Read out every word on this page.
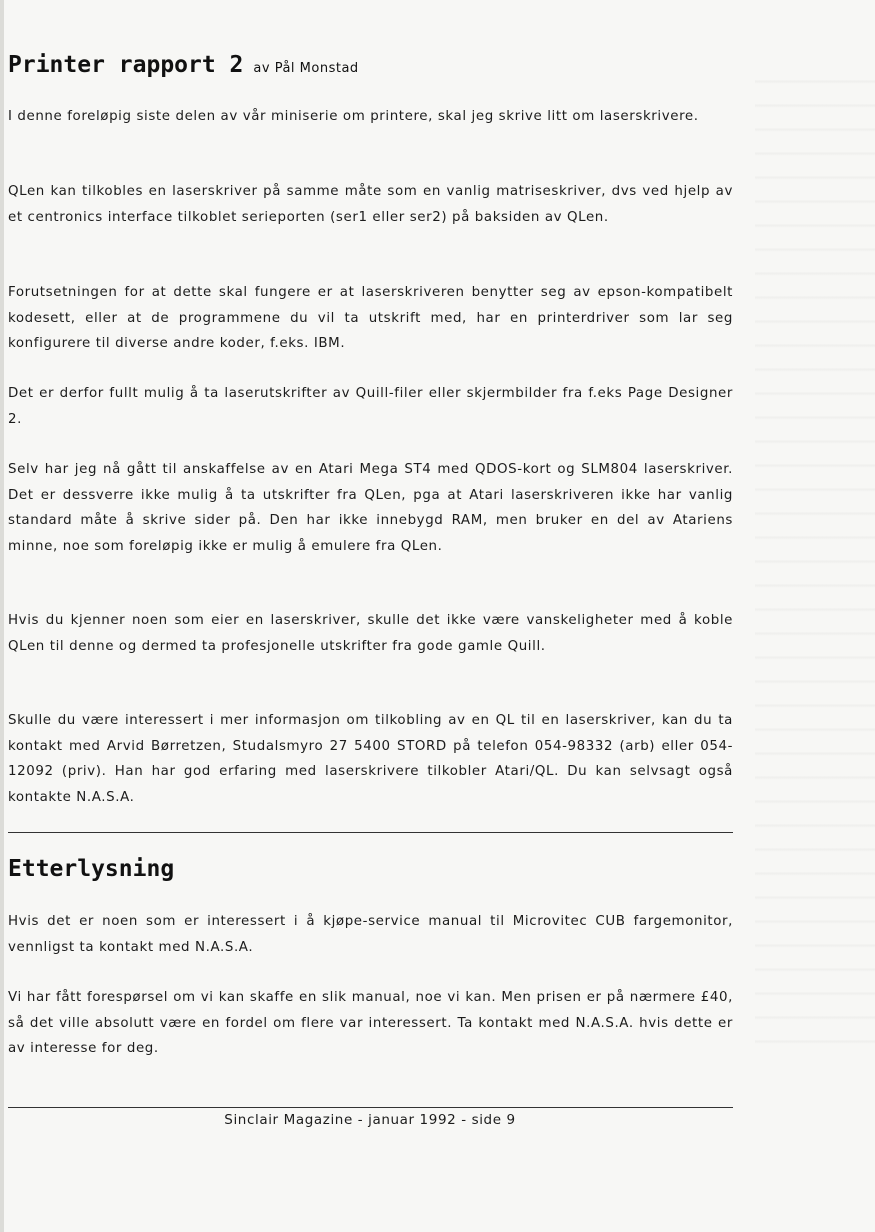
Printer rapport 2 av Pål Monstad
I denne foreløpig siste delen av vår miniserie om printere, skal jeg skrive litt om laserskrivere.
QLen kan tilkobles en laserskriver på samme måte som en vanlig matriseskriver, dvs ved hjelp av et centronics interface tilkoblet serieporten (ser1 eller ser2) på baksiden av QLen.
Forutsetningen for at dette skal fungere er at laserskriveren benytter seg av epson-kompatibelt kodesett, eller at de programmene du vil ta utskrift med, har en printerdriver som lar seg konfigurere til diverse andre koder, f.eks. IBM.
Det er derfor fullt mulig å ta laserutskrifter av Quill-filer eller skjermbilder fra f.eks Page Designer 2.
Selv har jeg nå gått til anskaffelse av en Atari Mega ST4 med QDOS-kort og SLM804 laserskriver. Det er dessverre ikke mulig å ta utskrifter fra QLen, pga at Atari laserskriveren ikke har vanlig standard måte å skrive sider på. Den har ikke innebygd RAM, men bruker en del av Atariens minne, noe som foreløpig ikke er mulig å emulere fra QLen.
Hvis du kjenner noen som eier en laserskriver, skulle det ikke være vanskeligheter med å koble QLen til denne og dermed ta profesjonelle utskrifter fra gode gamle Quill.
Skulle du være interessert i mer informasjon om tilkobling av en QL til en laserskriver, kan du ta kontakt med Arvid Børretzen, Studalsmyro 27 5400 STORD på telefon 054-98332 (arb) eller 054-12092 (priv). Han har god erfaring med laserskrivere tilkobler Atari/QL. Du kan selvsagt også kontakte N.A.S.A.
Etterlysning
Hvis det er noen som er interessert i å kjøpe-service manual til Microvitec CUB fargemonitor, vennligst ta kontakt med N.A.S.A.
Vi har fått forespørsel om vi kan skaffe en slik manual, noe vi kan. Men prisen er på nærmere £40, så det ville absolutt være en fordel om flere var interessert. Ta kontakt med N.A.S.A. hvis dette er av interesse for deg.
Sinclair Magazine - januar 1992 - side 9
